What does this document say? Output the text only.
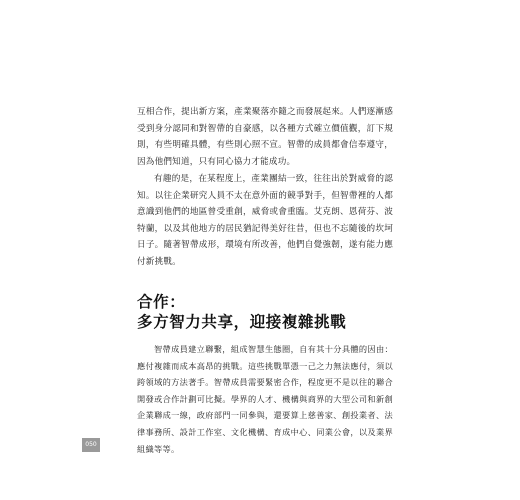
互相合作，提出新方案，產業聚落亦隨之而發展起來。人們逐漸感受到身分認同和對智帶的自豪感，以各種方式確立價值觀，訂下規則，有些明確具體，有些則心照不宣。智帶的成員都會信奉遵守，因為他們知道，只有同心協力才能成功。

有趣的是，在某程度上，產業團結一致，往往出於對威脅的認知。以往企業研究人員不太在意外面的競爭對手，但智帶裡的人都意識到他們的地區曾受重創，威脅或會重臨。艾克朗、恩荷芬、波特蘭，以及其他地方的居民猶記得美好往昔，但也不忘隨後的坎坷日子。隨著智帶成形，環境有所改善，他們自覺強韌，遂有能力應付新挑戰。

合作：
多方智力共享，迎接複雜挑戰

智帶成員建立聯繫，組成智慧生態圈，自有其十分具體的因由：應付複雜而成本高昂的挑戰。這些挑戰單憑一己之力無法應付，須以跨領域的方法著手。智帶成員需要緊密合作，程度更不是以往的聯合開發或合作計劃可比擬。學界的人才、機構與商界的大型公司和新創企業聯成一線，政府部門一同參與，還要算上慈善家、創投業者、法律事務所、設計工作室、文化機構、育成中心、同業公會，以及業界組織等等。

050
